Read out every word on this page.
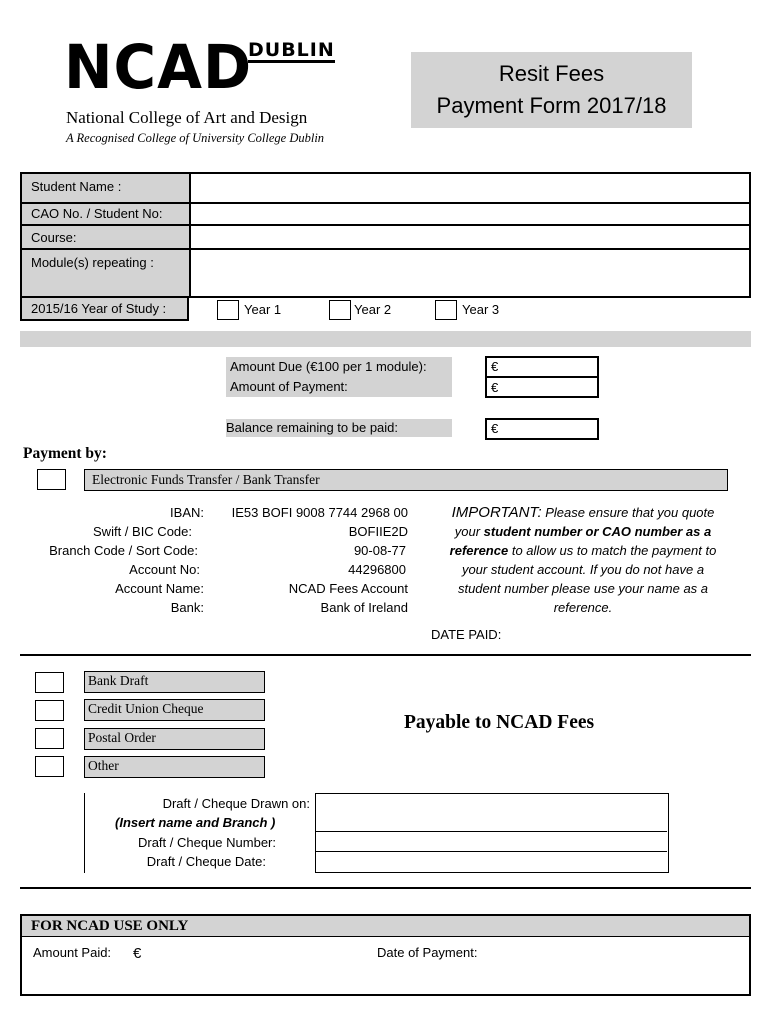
NCAD
DUBLIN
National College of Art and Design
A Recognised College of University College Dublin
Resit Fees
Payment Form 2017/18
Student Name :
CAO No. / Student No:
Course:
Module(s) repeating :
2015/16 Year of Study :	Year 1	Year 2	Year 3
Amount Due (€100 per 1 module):
Amount of Payment:
€
€
Balance remaining to be paid:	€
Payment by:
Electronic Funds Transfer / Bank Transfer
IBAN: IE53 BOFI 9008 7744 2968 00
Swift / BIC Code:	BOFIIE2D
Branch Code / Sort Code:	90-08-77
Account No:	44296800
Account Name:	NCAD Fees Account
Bank:	Bank of Ireland
IMPORTANT: Please ensure that you quote
your student number or CAO number as a
reference to allow us to match the payment to
your student account. If you do not have a
student number please use your name as a
reference.
DATE PAID:
Bank Draft
Credit Union Cheque
Postal Order
Other
Payable to NCAD Fees
Draft / Cheque Drawn on:
(Insert name and Branch )
Draft / Cheque Number:
Draft / Cheque Date:
FOR NCAD USE ONLY
Amount Paid: €	Date of Payment:
